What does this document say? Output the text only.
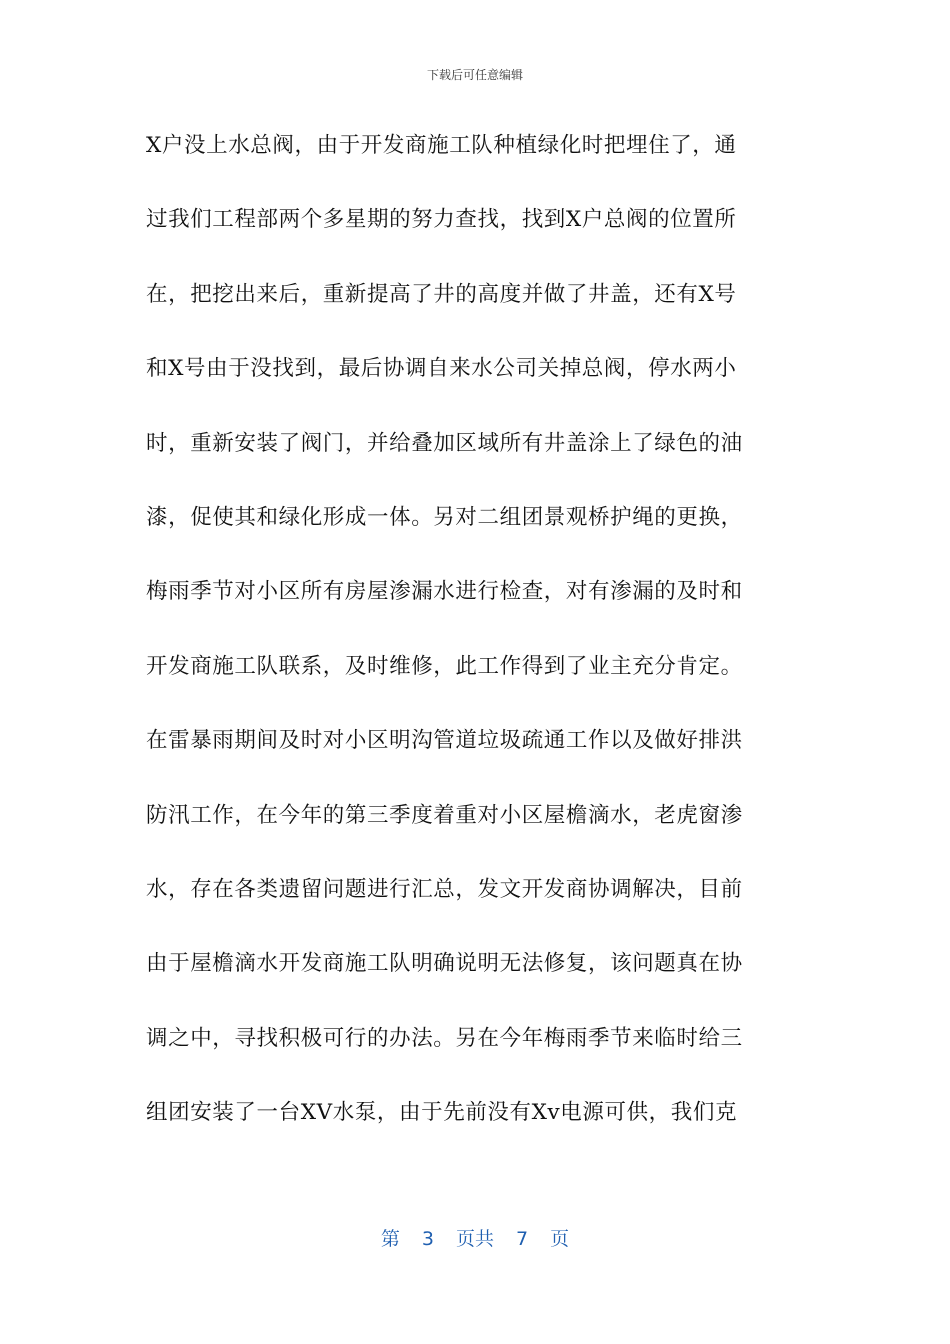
下载后可任意编辑
X户没上水总阀，由于开发商施工队种植绿化时把埋住了，通
过我们工程部两个多星期的努力查找，找到X户总阀的位置所
在，把挖出来后，重新提高了井的高度并做了井盖，还有X号
和X号由于没找到，最后协调自来水公司关掉总阀，停水两小
时，重新安装了阀门，并给叠加区域所有井盖涂上了绿色的油
漆，促使其和绿化形成一体。另对二组团景观桥护绳的更换，
梅雨季节对小区所有房屋渗漏水进行检查，对有渗漏的及时和
开发商施工队联系，及时维修，此工作得到了业主充分肯定。
在雷暴雨期间及时对小区明沟管道垃圾疏通工作以及做好排洪
防汛工作，在今年的第三季度着重对小区屋檐滴水，老虎窗渗
水，存在各类遗留问题进行汇总，发文开发商协调解决，目前
由于屋檐滴水开发商施工队明确说明无法修复，该问题真在协
调之中，寻找积极可行的办法。另在今年梅雨季节来临时给三
组团安装了一台XV水泵，由于先前没有Xv电源可供，我们克
第 3 页共 7 页
